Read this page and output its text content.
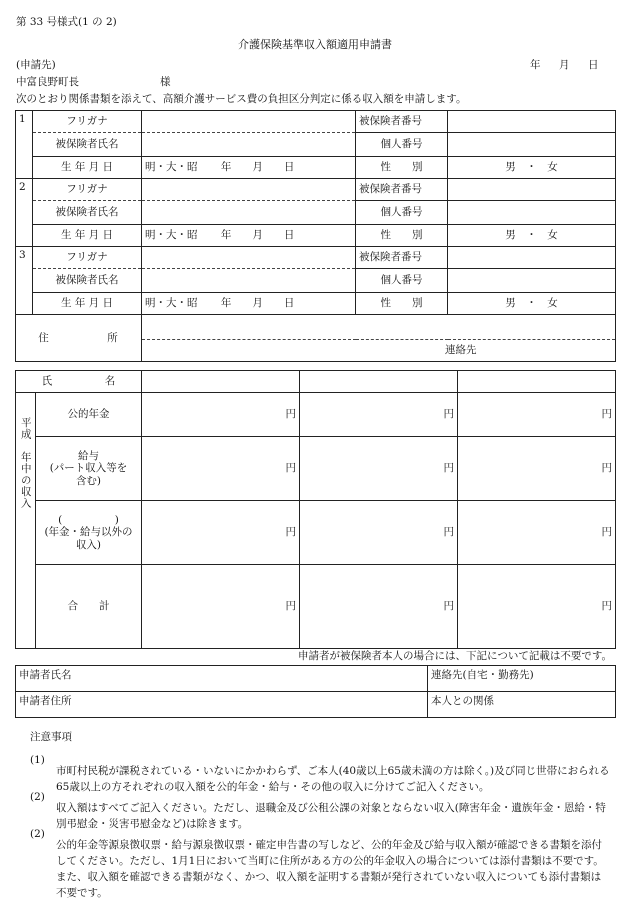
第 33 号様式(1 の 2)
介護保険基準収入額適用申請書
(申請先)	年　月　日
中富良野町長	様
次のとおり関係書類を添えて、高額介護サービス費の負担区分判定に係る収入額を申請します。
1	フリガナ		被保険者番号	

	被保険者氏名		個人番号	

	生 年 月 日	明・大・昭 年　　月　　日	性　　別	男　・　女
2	フリガナ		被保険者番号	

	被保険者氏名		個人番号	

	生 年 月 日	明・大・昭 年　　月　　日	性　　別	男　・　女
3	フリガナ		被保険者番号	

	被保険者氏名		個人番号	

	生 年 月 日	明・大・昭 年　　月　　日	性　　別	男　・　女
住　　　　　所				
		連絡先		
氏　　　　　名				
平成　年中の収入	公的年金	円	円	円

	給与
(パート収入等を含む)	円	円	円

	(　　　　　)
(年金・給与以外の収入)	円	円	円

	合　　計	円	円	円
申請者が被保険者本人の場合には、下記について記載は不要です。
申請者氏名	連絡先(自宅・勤務先)
申請者住所	本人との関係
注意事項
(1)

市町村民税が課税されている・いないにかかわらず、ご本人(40歳以上65歳未満の方は除く。)及び同じ世帯におられる65歳以上の方それぞれの収入額を公的年金・給与・その他の収入に分けてご記入ください。

(2)

収入額はすべてご記入ください。ただし、退職金及び公租公課の対象とならない収入(障害年金・遺族年金・恩給・特別弔慰金・災害弔慰金など)は除きます。

(2)

公的年金等源泉徴収票・給与源泉徴収票・確定申告書の写しなど、公的年金及び給与収入額が確認できる書類を添付してください。ただし、1月1日において当町に住所がある方の公的年金収入の場合については添付書類は不要です。また、収入額を確認できる書類がなく、かつ、収入額を証明する書類が発行されていない収入についても添付書類は不要です。
